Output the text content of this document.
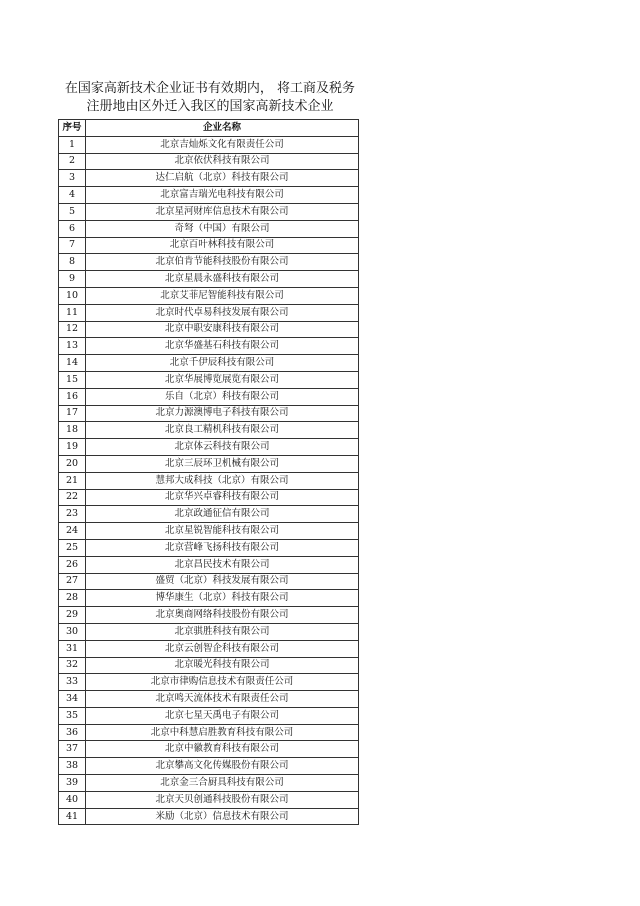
在国家高新技术企业证书有效期内， 将工商及税务
注册地由区外迁入我区的国家高新技术企业
序号	企业名称
1	北京吉灿烁文化有限责任公司
2	北京依伏科技有限公司
3	达仁启航（北京）科技有限公司
4	北京富吉瑞光电科技有限公司
5	北京星河财库信息技术有限公司
6	奇弩（中国）有限公司
7	北京百叶林科技有限公司
8	北京伯肯节能科技股份有限公司
9	北京星晨永盛科技有限公司
10	北京艾菲尼智能科技有限公司
11	北京时代卓易科技发展有限公司
12	北京中职安康科技有限公司
13	北京华盛基石科技有限公司
14	北京千伊辰科技有限公司
15	北京华展博览展览有限公司
16	乐自（北京）科技有限公司
17	北京力源澳博电子科技有限公司
18	北京良工精机科技有限公司
19	北京体云科技有限公司
20	北京三辰环卫机械有限公司
21	慧邦大成科技（北京）有限公司
22	北京华兴卓睿科技有限公司
23	北京政通征信有限公司
24	北京星锐智能科技有限公司
25	北京营峰飞扬科技有限公司
26	北京昌民技术有限公司
27	盛贸（北京）科技发展有限公司
28	博华康生（北京）科技有限公司
29	北京奥商网络科技股份有限公司
30	北京骐胜科技有限公司
31	北京云创智企科技有限公司
32	北京暖光科技有限公司
33	北京市律购信息技术有限责任公司
34	北京鸣天流体技术有限责任公司
35	北京七星天禹电子有限公司
36	北京中科慧启胜教育科技有限公司
37	北京中徽教育科技有限公司
38	北京攀高文化传媒股份有限公司
39	北京金三合厨具科技有限公司
40	北京天贝创通科技股份有限公司
41	米励（北京）信息技术有限公司
